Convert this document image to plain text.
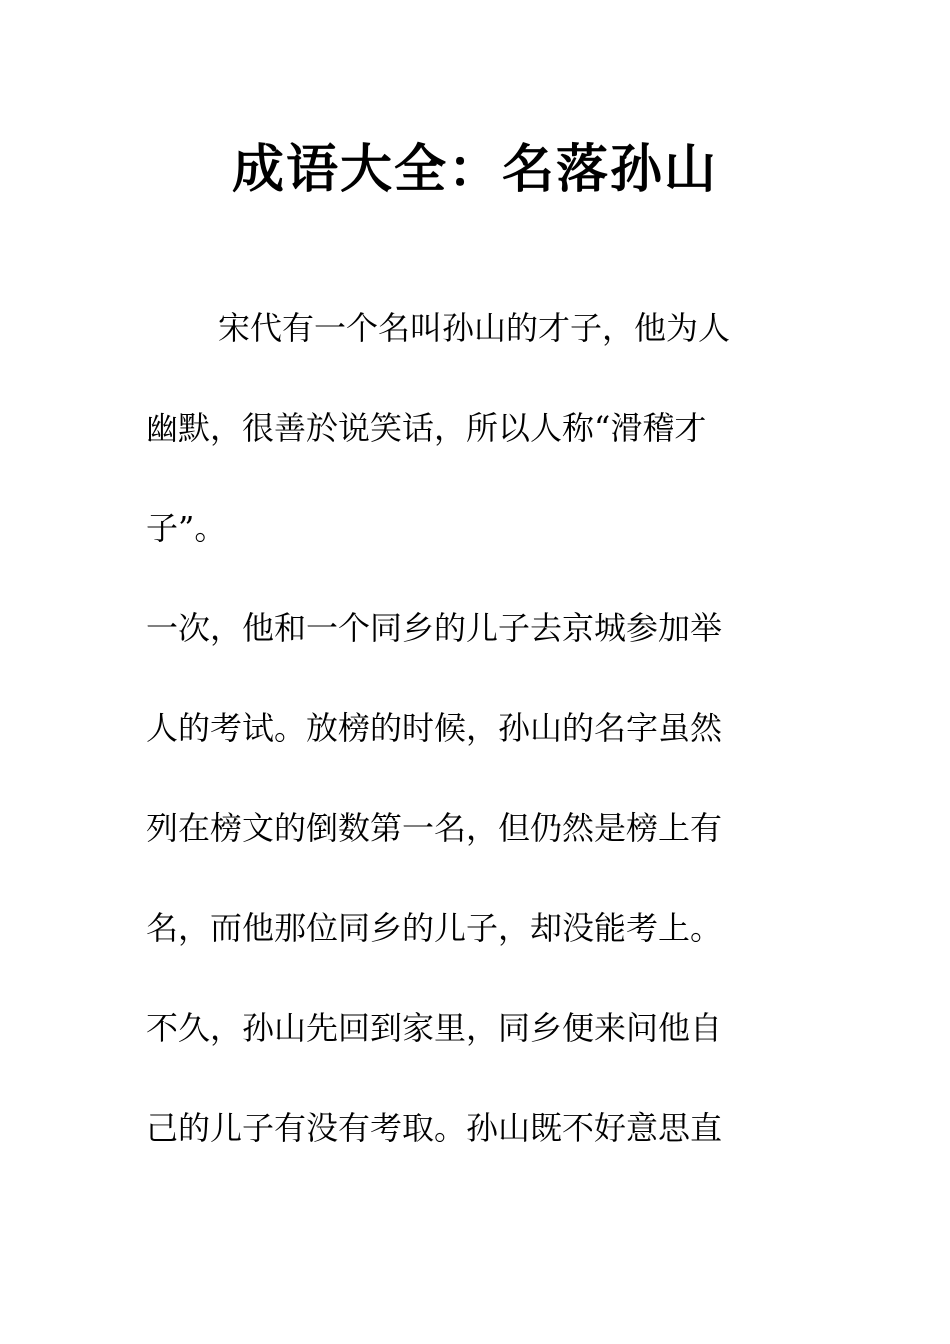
成语大全：名落孙山
宋代有一个名叫孙山的才子，他为人
幽默，很善於说笑话，所以人称“滑稽才
子”。
一次，他和一个同乡的儿子去京城参加举
人的考试。放榜的时候，孙山的名字虽然
列在榜文的倒数第一名，但仍然是榜上有
名，而他那位同乡的儿子，却没能考上。
不久，孙山先回到家里，同乡便来问他自
己的儿子有没有考取。孙山既不好意思直
